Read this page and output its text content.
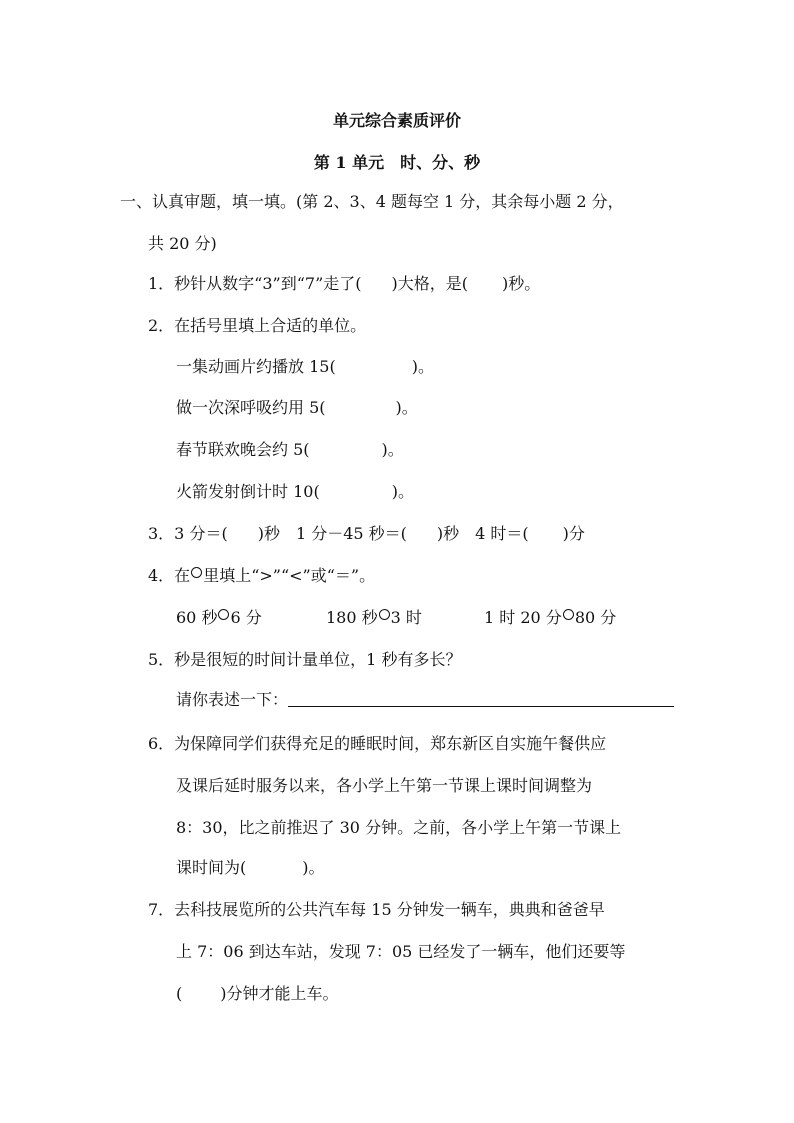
单元综合素质评价
第 1 单元　时、分、秒
一、认真审题，填一填。(第 2、3、4 题每空 1 分，其余每小题 2 分，
共 20 分)
1．秒针从数字“3”到“7”走了( )大格，是( )秒。
2．在括号里填上合适的单位。
一集动画片约播放 15(	)。
做一次深呼吸约用 5(	)。
春节联欢晚会约 5(	)。
火箭发射倒计时 10(	)。
3．3 分＝( )秒　1 分－45 秒＝( )秒　4 时＝( )分
4．在 里填上“>”“<”或“＝”。
60 秒 6 分	180 秒 3 时	1 时 20 分 80 分
5．秒是很短的时间计量单位，1 秒有多长？
请你表述一下：
6．为保障同学们获得充足的睡眠时间，郑东新区自实施午餐供应
及课后延时服务以来，各小学上午第一节课上课时间调整为
8：30，比之前推迟了 30 分钟。之前，各小学上午第一节课上
课时间为(	)。
7．去科技展览所的公共汽车每 15 分钟发一辆车，典典和爸爸早
上 7：06 到达车站，发现 7：05 已经发了一辆车，他们还要等
( )分钟才能上车。
